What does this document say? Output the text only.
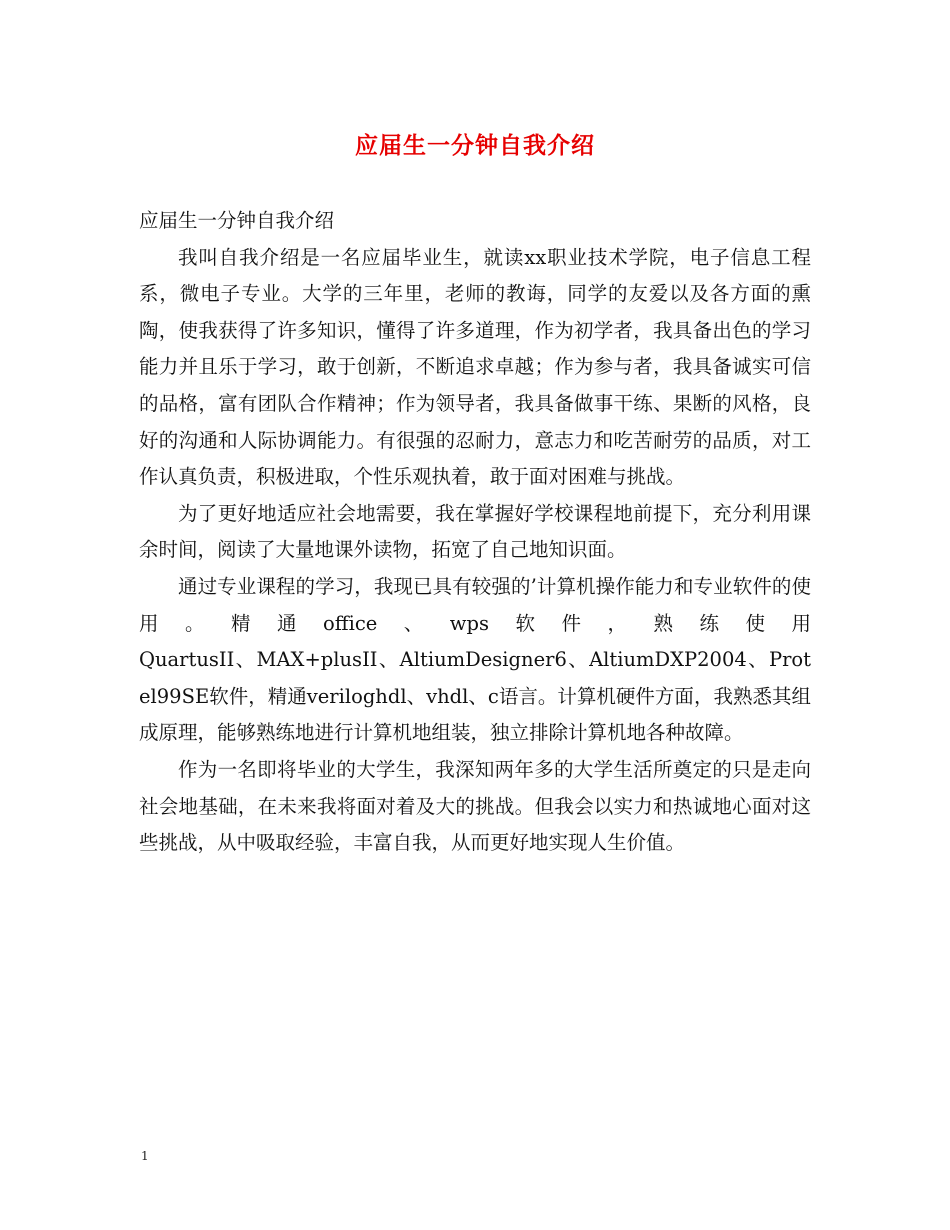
应届生一分钟自我介绍

应届生一分钟自我介绍

我叫自我介绍是一名应届毕业生，就读xx职业技术学院，电子信息工程系，微电子专业。大学的三年里，老师的教诲，同学的友爱以及各方面的熏陶，使我获得了许多知识，懂得了许多道理，作为初学者，我具备出色的学习能力并且乐于学习，敢于创新，不断追求卓越；作为参与者，我具备诚实可信的品格，富有团队合作精神；作为领导者，我具备做事干练、果断的风格，良好的沟通和人际协调能力。有很强的忍耐力，意志力和吃苦耐劳的品质，对工作认真负责，积极进取，个性乐观执着，敢于面对困难与挑战。

为了更好地适应社会地需要，我在掌握好学校课程地前提下，充分利用课余时间，阅读了大量地课外读物，拓宽了自己地知识面。

通过专业课程的学习，我现已具有较强的’计算机操作能力和专业软件的使用。精通office、wps软件，熟练使用

QuartusII、MAX+plusII、AltiumDesigner6、AltiumDXP2004、Protel99SE软件，精通veriloghdl、vhdl、c语言。计算机硬件方面，我熟悉其组成原理，能够熟练地进行计算机地组装，独立排除计算机地各种故障。

作为一名即将毕业的大学生，我深知两年多的大学生活所奠定的只是走向社会地基础，在未来我将面对着及大的挑战。但我会以实力和热诚地心面对这些挑战，从中吸取经验，丰富自我，从而更好地实现人生价值。

1
